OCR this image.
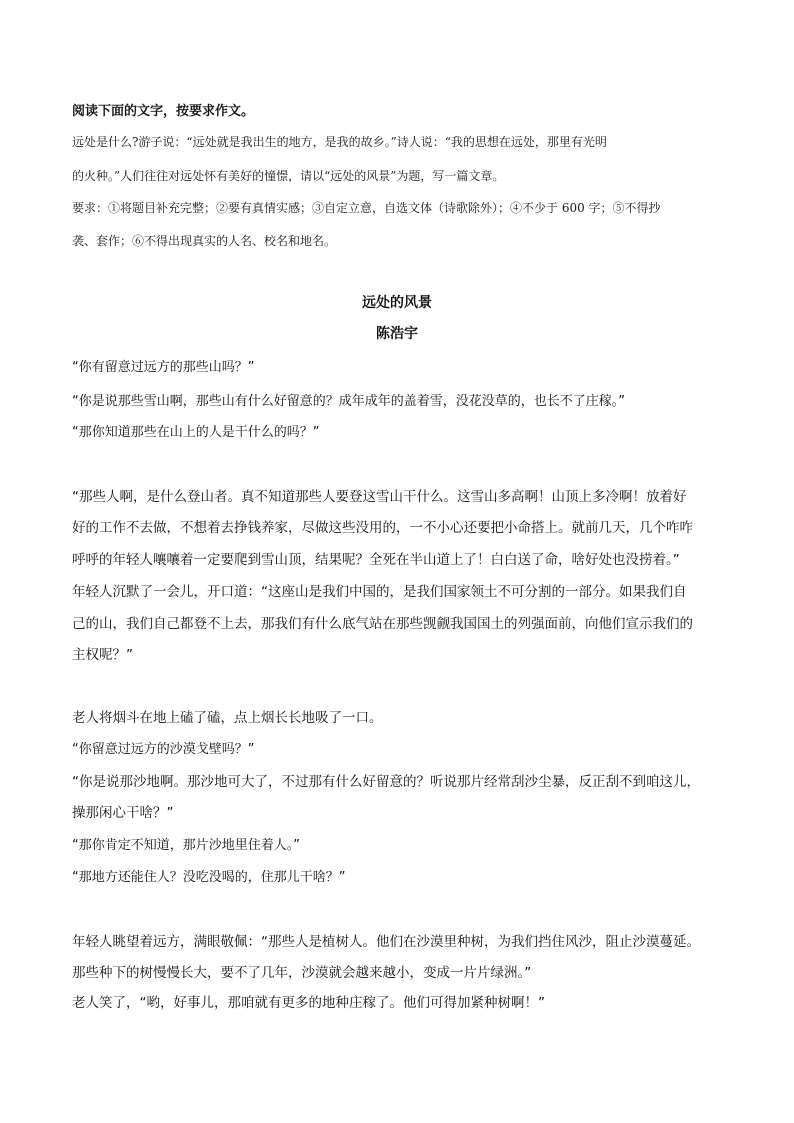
阅读下面的文字，按要求作文。
远处是什么?游子说：“远处就是我出生的地方，是我的故乡。”诗人说：“我的思想在远处，那里有光明
的火种。”人们往往对远处怀有美好的憧憬，请以“远处的风景”为题，写一篇文章。
要求：①将题目补充完整；②要有真情实感；③自定立意，自选文体（诗歌除外）；④不少于 600 字；⑤不得抄
袭、套作；⑥不得出现真实的人名、校名和地名。
远处的风景
陈浩宇
“你有留意过远方的那些山吗？”
“你是说那些雪山啊，那些山有什么好留意的？成年成年的盖着雪，没花没草的，也长不了庄稼。”
“那你知道那些在山上的人是干什么的吗？”
“那些人啊，是什么登山者。真不知道那些人要登这雪山干什么。这雪山多高啊！山顶上多冷啊！放着好
好的工作不去做，不想着去挣钱养家，尽做这些没用的，一不小心还要把小命搭上。就前几天，几个咋咋
呼呼的年轻人嚷嚷着一定要爬到雪山顶，结果呢？全死在半山道上了！白白送了命，啥好处也没捞着。”
年轻人沉默了一会儿，开口道：“这座山是我们中国的，是我们国家领土不可分割的一部分。如果我们自
己的山，我们自己都登不上去，那我们有什么底气站在那些觊觎我国国土的列强面前，向他们宣示我们的
主权呢？”
老人将烟斗在地上磕了磕，点上烟长长地吸了一口。
“你留意过远方的沙漠戈壁吗？”
“你是说那沙地啊。那沙地可大了，不过那有什么好留意的？听说那片经常刮沙尘暴，反正刮不到咱这儿，
操那闲心干啥？”
“那你肯定不知道，那片沙地里住着人。”
“那地方还能住人？没吃没喝的，住那儿干啥？”
年轻人眺望着远方，满眼敬佩：“那些人是植树人。他们在沙漠里种树，为我们挡住风沙，阻止沙漠蔓延。
那些种下的树慢慢长大，要不了几年，沙漠就会越来越小，变成一片片绿洲。”
老人笑了，“哟，好事儿，那咱就有更多的地种庄稼了。他们可得加紧种树啊！”
